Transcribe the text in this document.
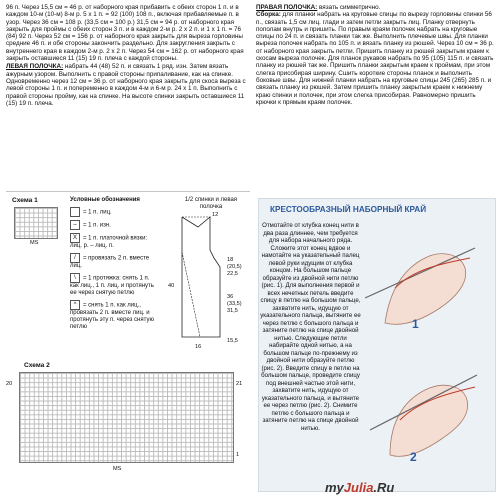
96 п. Через 15,5 см = 46 р. от наборного края прибавить с обеих сторон 1 п. и в каждом 10-м (10-м) 8-м р. 5 х 1 п. = 92 (100) 108 п., включая прибавляемые п. в узор. Через 36 см = 108 р. (33,5 см = 100 р.) 31,5 см = 94 р. от наборного края закрыть для проймы с обеих сторон 3 п. и в каждом 2-м р. 2 х 2 п. и 1 х 1 п. = 76 (84) 92 п. Через 52 см = 156 р. от наборного края закрыть для выреза горловины средние 46 п. и обе стороны закончить раздельно. Для закругления закрыть с внутреннего края в каждом 2-м р. 2 х 2 п. Через 54 см = 162 р. от наборного края закрыть оставшиеся 11 (15) 19 п. плеча с каждой стороны.

ЛЕВАЯ ПОЛОЧКА: набрать 44 (48) 52 п. и связать 1 ряд. изн. Затем вязать ажурным узором. Выполнить с правой стороны припаливание, как на спинке. Одновременно через 12 см = 36 р. от наборного края закрыть для скоса выреза с левой стороны 1 п. и попеременно в каждом 4-м и 6-м р. 24 х 1 п. Выполнить с правой стороны пройму, как на спинке. На высоте спинки закрыть оставшиеся 11 (15) 19 п. плеча.

ПРАВАЯ ПОЛОЧКА: вязать симметрично.

Сборка: для планки набрать на круговые спицы по вырезу горловины спинки 56 п., связать 1,5 см лиц. глади и затем петли закрыть лиц. Планку отвернуть пополам внутрь и пришить. По правым краям полочек набрать на круговые спицы по 24 п. и связать планки так же. Выполнить плечевые швы. Для планки выреза полочек набрать по 105 п. и вязать планку из рюшей. Через 10 см = 36 р. от наборного края закрыть петли. Пришить планку из рюшей закрытым краем к скосам выреза полочек. Для планок рукавов набрать по 95 (105) 115 п. и связать планку из рюшей так же. Пришить планки закрытым краем к проймам, при этом слегка присобирая ширину. Сшить короткие стороны планок и выполнить боковые швы. Для нижней планки набрать на круговые спицы 245 (265) 285 п. и связать планку из рюшей. Затем пришить планку закрытым краем к нижнему краю спинки и полочек, при этом слегка присобирая. Равномерно пришить крючки к прямым краям полочек.

Схема 1
MS
Условные обозначения
= 1 п. лиц.
– = 1 п. изн.
X = 1 п. платочной вязки: лиц. р. – лиц. п.
/ = провязать 2 п. вместе лиц.
\ = 1 протяжка: снять 1 п. как лиц., 1 п. лиц. и протянуть ее через снятую петлю
^ = снять 1 п. как лиц., провязать 2 п. вместе лиц. и протянуть эту п. через снятую петлю
1/2 спинки и левая полочка
12
18
(20,5)
22,5
40
36
(33,5)
31,5
15,5
16
Схема 2
20	21
1
MS
КРЕСТООБРАЗНЫЙ НАБОРНЫЙ КРАЙ
Отмотайте от клубка конец нити в два раза длиннее, чем требуется для набора начального ряда. Сложите этот конец вдвое и намотайте на указательный палец левой руки идущим от клубка концом. На большом пальце образуйте из двойной нити петлю (рис. 1). Для выполнения первой и всех нечетных петель введите спицу в петлю на большом пальце, захватите нить, идущую от указательного пальца, вытяните ее через петлю с большого пальца и затяните петлю на спице двойной нитью. Следующие петли набирайте одной нитью, а на большом пальце по-прежнему из двойной нити образуйте петлю (рис. 2). Введите спицу в петлю на большом пальце, проведите спицу под внешней частью этой нити, захватите нить, идущую от указательного пальца, и вытяните ее через петлю (рис. 2). Снимите петлю с большого пальца и затяните петлю на спице двойной нитью.
1
2
myJulia.Ru
